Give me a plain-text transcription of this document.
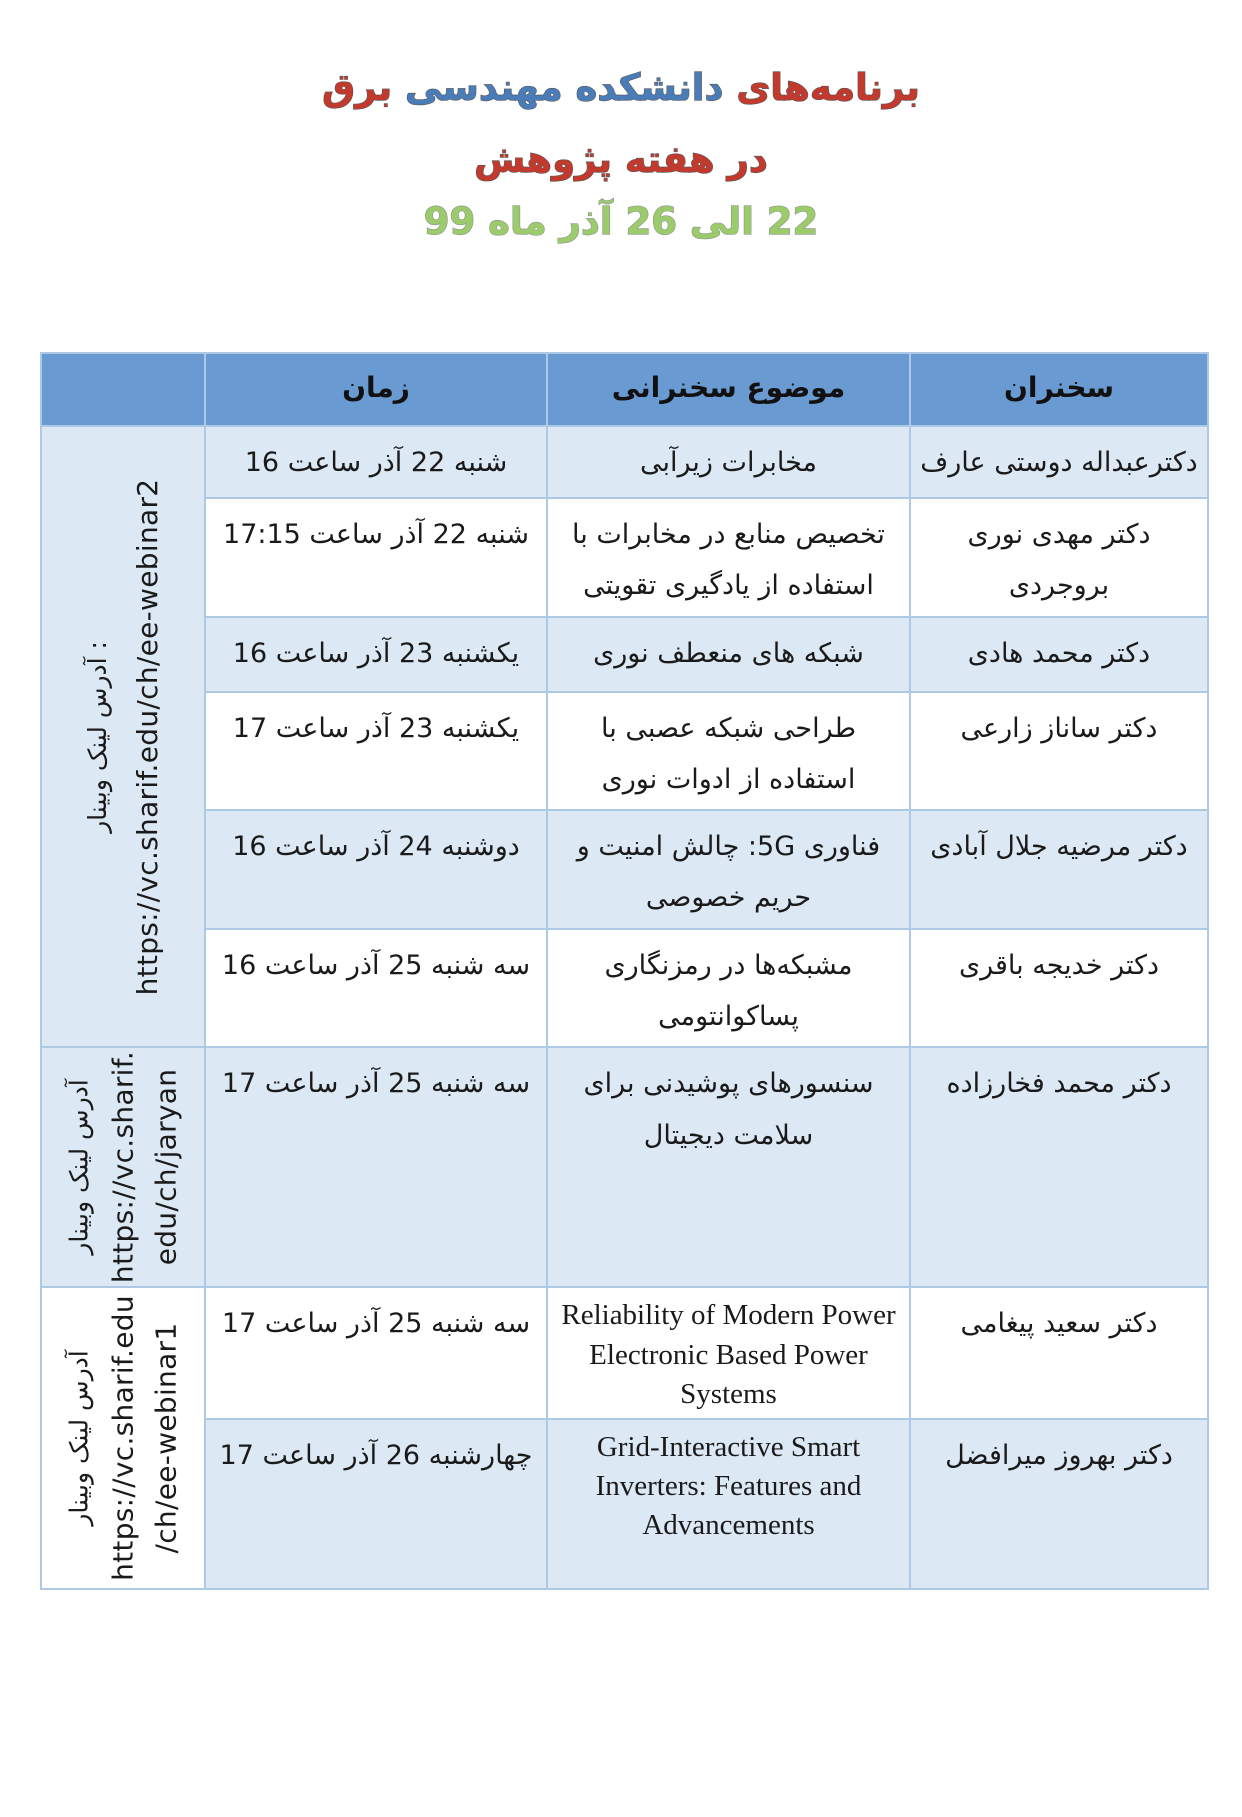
برنامه‌های دانشکده مهندسی برق
در هفته پژوهش
22 الی 26 آذر ماه 99
سخنران	موضوع سخنرانی	زمان	
دکترعبداله دوستی عارف	مخابرات زیرآبی	شنبه 22 آذر ساعت 16	آدرس لینک وبینار : https://vc.sharif.edu/ch/ee-webinar2

دکتر مهدی نوری بروجردی	تخصیص منابع در مخابرات با استفاده از یادگیری تقویتی	شنبه 22 آذر ساعت 17:15	
دکتر محمد هادی	شبکه های منعطف نوری	یکشنبه 23 آذر ساعت 16	
دکتر ساناز زارعی	طراحی شبکه عصبی با استفاده از ادوات نوری	یکشنبه 23 آذر ساعت 17	
دکتر مرضیه جلال آبادی	فناوری 5G: چالش امنیت و حریم خصوصی	دوشنبه 24 آذر ساعت 16	
دکتر خدیجه باقری	مشبکه‌ها در رمزنگاری پساکوانتومی	سه شنبه 25 آذر ساعت 16	
دکتر محمد فخارزاده	سنسورهای پوشیدنی برای سلامت دیجیتال	سه شنبه 25 آذر ساعت 17	آدرس لینک وبینار https://vc.sharif. edu/ch/jaryan

دکتر سعید پیغامی	Reliability of Modern Power Electronic Based Power Systems	سه شنبه 25 آذر ساعت 17	آدرس لینک وبینار https://vc.sharif.edu /ch/ee-webinar1

دکتر بهروز میرافضل	Grid-Interactive Smart Inverters: Features and Advancements	چهارشنبه 26 آذر ساعت 17	
